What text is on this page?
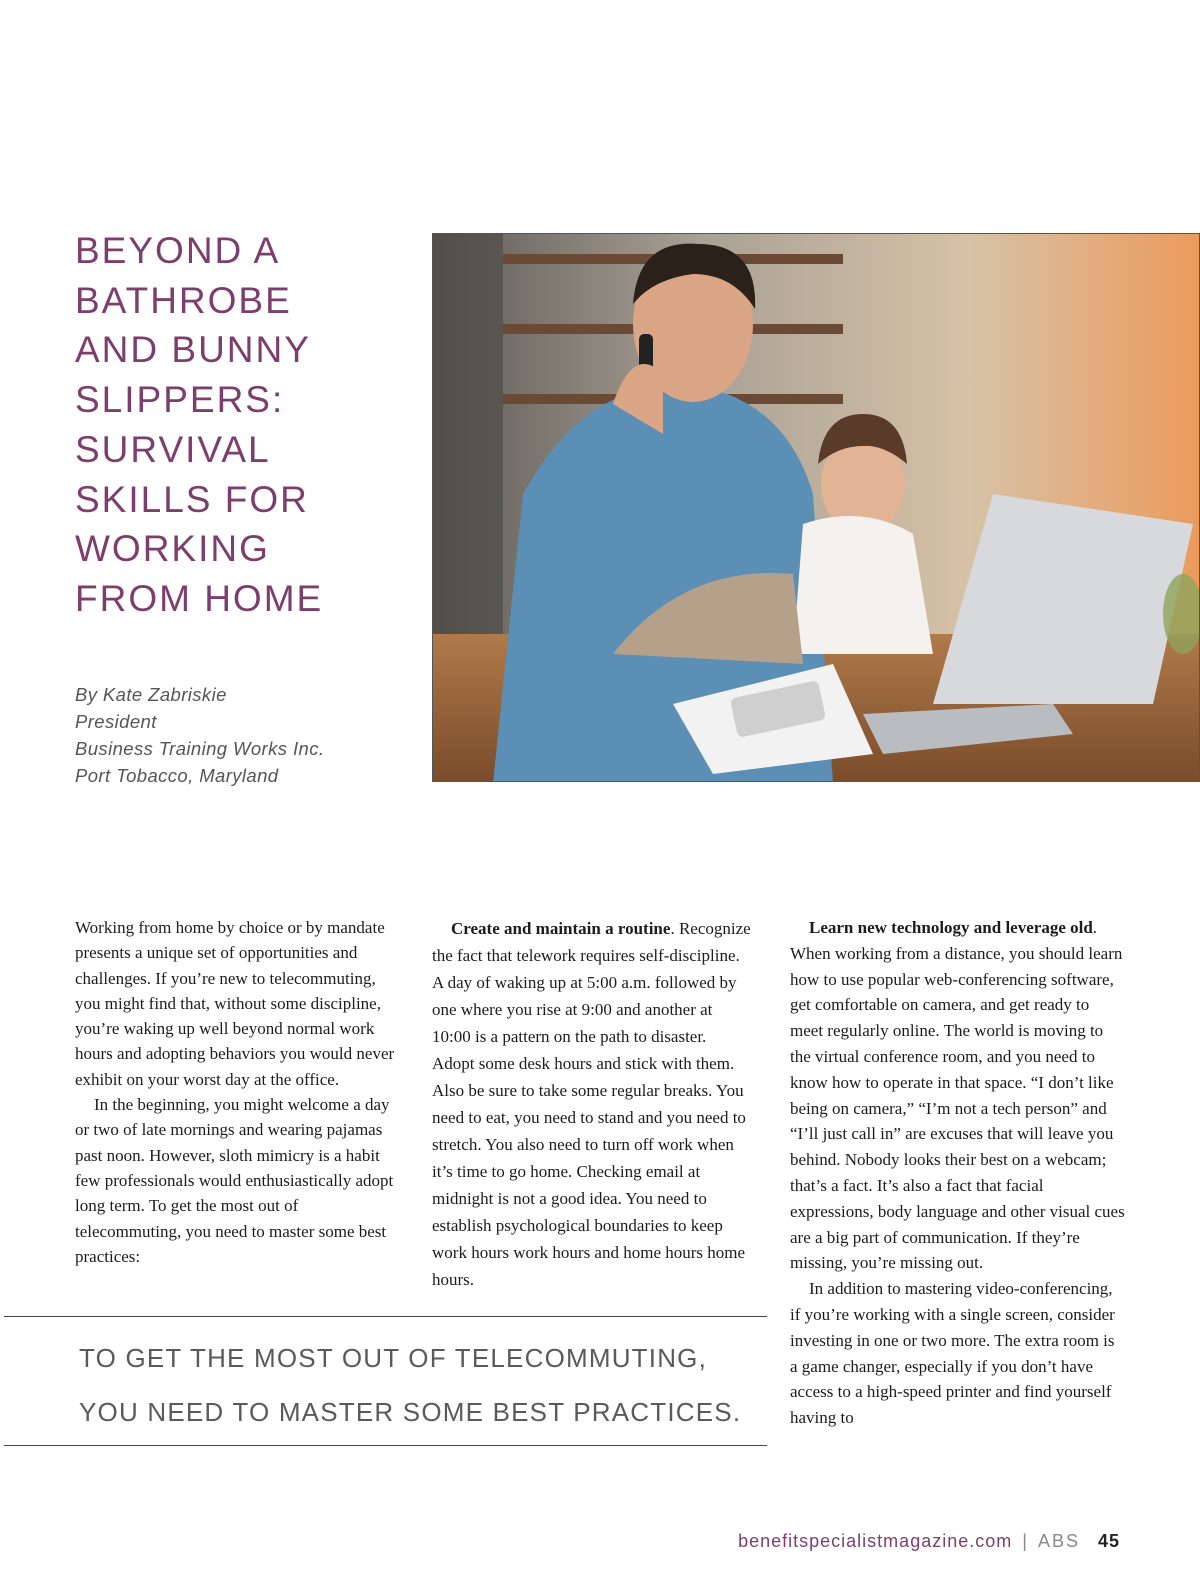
BEYOND A
BATHROBE
AND BUNNY
SLIPPERS:
SURVIVAL
SKILLS FOR
WORKING
FROM HOME
By Kate Zabriskie
President
Business Training Works Inc.
Port Tobacco, Maryland

Working from home by choice or by mandate presents a unique set of opportunities and challenges. If you’re new to telecommuting, you might find that, without some discipline, you’re waking up well beyond normal work hours and adopting behaviors you would never exhibit on your worst day at the office.

In the beginning, you might welcome a day or two of late mornings and wearing pajamas past noon. However, sloth mimicry is a habit few professionals would enthusiastically adopt long term. To get the most out of telecommuting, you need to master some best practices:

Create and maintain a routine. Recognize the fact that telework requires self-discipline. A day of waking up at 5:00 a.m. followed by one where you rise at 9:00 and another at 10:00 is a pattern on the path to disaster. Adopt some desk hours and stick with them. Also be sure to take some regular breaks. You need to eat, you need to stand and you need to stretch. You also need to turn off work when it’s time to go home. Checking email at midnight is not a good idea. You need to establish psychological boundaries to keep work hours work hours and home hours home hours.

Learn new technology and leverage old. When working from a distance, you should learn how to use popular web-conferencing software, get comfortable on camera, and get ready to meet regularly online. The world is moving to the virtual conference room, and you need to know how to operate in that space. “I don’t like being on camera,” “I’m not a tech person” and “I’ll just call in” are excuses that will leave you behind. Nobody looks their best on a webcam; that’s a fact. It’s also a fact that facial expressions, body language and other visual cues are a big part of communication. If they’re missing, you’re missing out.

In addition to mastering video-conferencing, if you’re working with a single screen, consider investing in one or two more. The extra room is a game changer, especially if you don’t have access to a high-speed printer and find yourself having to

TO GET THE MOST OUT OF TELECOMMUTING,
YOU NEED TO MASTER SOME BEST PRACTICES.
benefitspecialistmagazine.com | ABS 45
